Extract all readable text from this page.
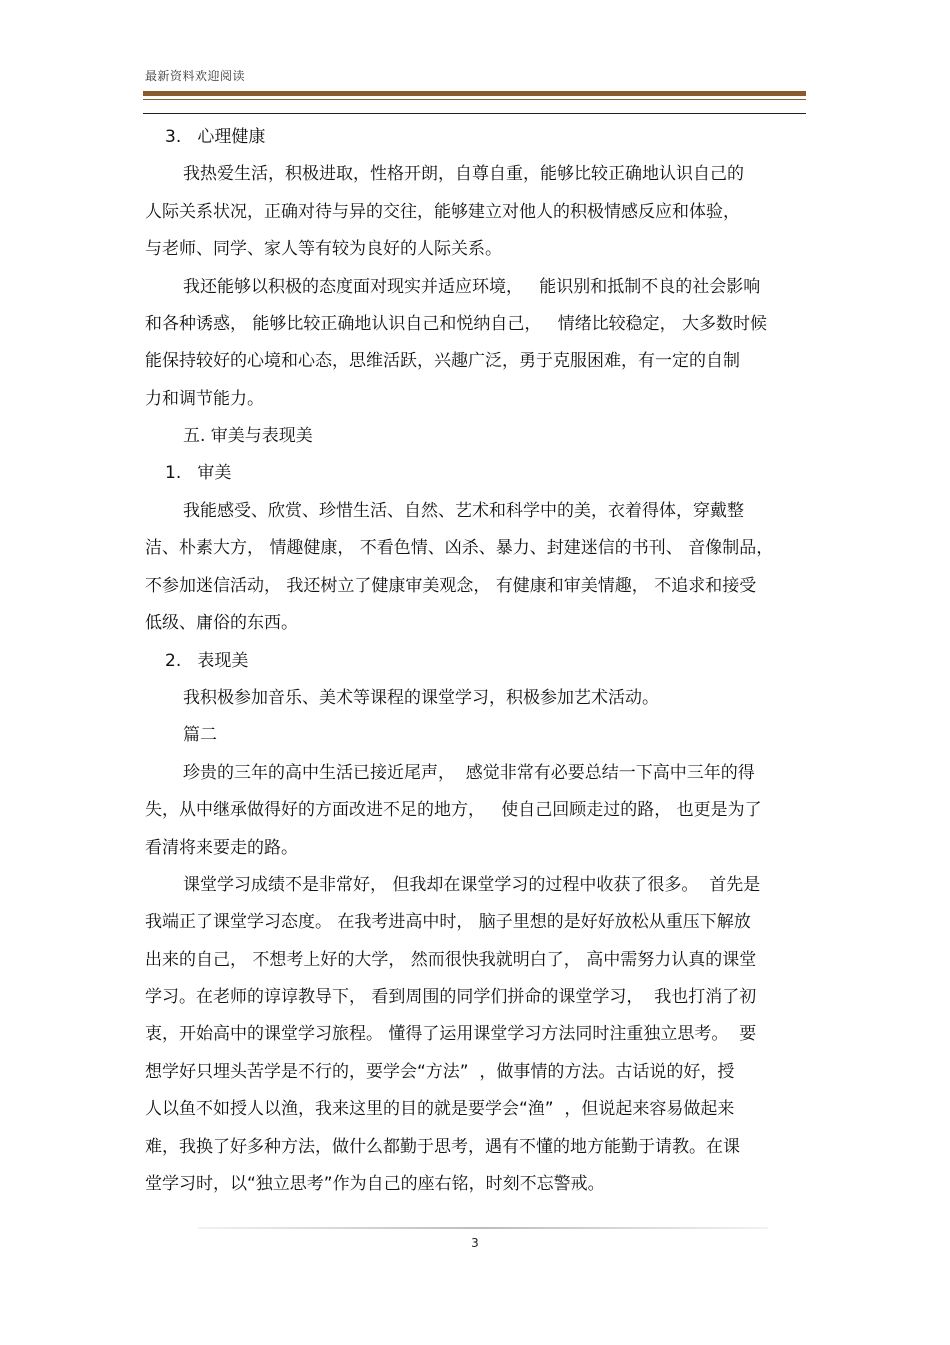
最新资料欢迎阅读
3.   心理健康
我热爱生活，积极进取，性格开朗，自尊自重，能够比较正确地认识自己的
人际关系状况，正确对待与异的交往，能够建立对他人的积极情感反应和体验，
与老师、同学、家人等有较为良好的人际关系。
我还能够以积极的态度面对现实并适应环境，   能识别和抵制不良的社会影响
和各种诱惑， 能够比较正确地认识自己和悦纳自己，   情绪比较稳定， 大多数时候
能保持较好的心境和心态，思维活跃，兴趣广泛，勇于克服困难，有一定的自制
力和调节能力。
五. 审美与表现美
1.   审美
我能感受、欣赏、珍惜生活、自然、艺术和科学中的美，衣着得体，穿戴整
洁、朴素大方， 情趣健康， 不看色情、凶杀、暴力、封建迷信的书刊、 音像制品，
不参加迷信活动， 我还树立了健康审美观念， 有健康和审美情趣， 不追求和接受
低级、庸俗的东西。
2.   表现美
我积极参加音乐、美术等课程的课堂学习，积极参加艺术活动。
篇二
珍贵的三年的高中生活已接近尾声，  感觉非常有必要总结一下高中三年的得
失，从中继承做得好的方面改进不足的地方，   使自己回顾走过的路， 也更是为了
看清将来要走的路。
课堂学习成绩不是非常好， 但我却在课堂学习的过程中收获了很多。  首先是
我端正了课堂学习态度。 在我考进高中时， 脑子里想的是好好放松从重压下解放
出来的自己， 不想考上好的大学， 然而很快我就明白了， 高中需努力认真的课堂
学习。在老师的谆谆教导下， 看到周围的同学们拼命的课堂学习，  我也打消了初
衷，开始高中的课堂学习旅程。 懂得了运用课堂学习方法同时注重独立思考。  要
想学好只埋头苦学是不行的，要学会“方法”  ，做事情的方法。古话说的好，授
人以鱼不如授人以渔，我来这里的目的就是要学会“渔”  ，但说起来容易做起来
难，我换了好多种方法，做什么都勤于思考，遇有不懂的地方能勤于请教。在课
堂学习时，以“独立思考”作为自己的座右铭，时刻不忘警戒。
3
